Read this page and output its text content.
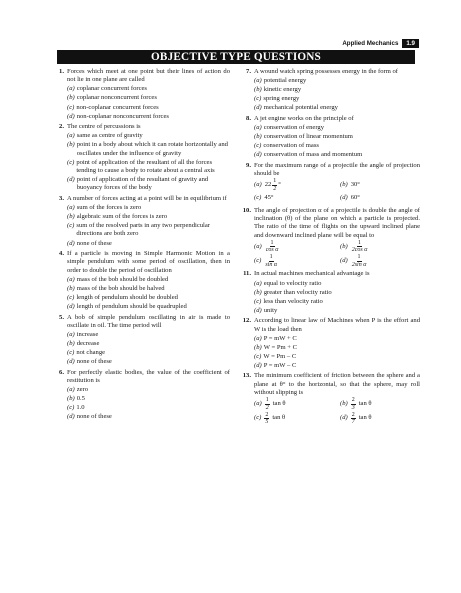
Applied Mechanics	1.9
OBJECTIVE TYPE QUESTIONS
1. Forces which meet at one point but their lines of action do not lie in one plane are called
(a) coplanar concurrent forces
(b) coplanar nonconcurrent forces
(c) non-coplanar concurrent forces
(d) non-coplanar nonconcurrent forces
2. The centre of percussions is
(a) same as centre of gravity
(b) point in a body about which it can rotate horizontally and oscillates under the influence of gravity
(c) point of application of the resultant of all the forces tending to cause a body to rotate about a central axis
(d) point of application of the resultant of gravity and buoyancy forces of the body
3. A number of forces acting at a point will be in equilibrium if
(a) sum of the forces is zero
(b) algebraic sum of the forces is zero
(c) sum of the resolved parts in any two perpendicular directions are both zero
(d) none of these
4. If a particle is moving in Simple Harmonic Motion in a simple pendulum with some period of oscillation, then in order to double the period of oscillation
(a) mass of the bob should be doubled
(b) mass of the bob should be halved
(c) length of pendulum should be doubled
(d) length of pendulum should be quadrupled
5. A bob of simple pendulum oscillating in air is made to oscillate in oil. The time period will
(a) increase
(b) decrease
(c) not change
(d) none of these
6. For perfectly elastic bodies, the value of the coefficient of restitution is
(a) zero
(b) 0.5
(c) 1.0
(d) none of these
7. A wound watch spring possesses energy in the form of
(a) potential energy
(b) kinetic energy
(c) spring energy
(d) mechanical potential energy
8. A jet engine works on the principle of
(a) conservation of energy
(b) conservation of linear momentum
(c) conservation of mass
(d) conservation of mass and momentum
9. For the maximum range of a projectile the angle of projection should be
(a) $22 \frac{1}{2}$ °	(b) 30°
(c) 45°	(d) 60°
10. The angle of projection α of a projectile is double the angle of inclination (θ) of the plane on which a particle is projected. The ratio of the time of flights on the upward inclined plane and downward inclined plane will be equal to
$(a) \frac{1}{\text{cos α}}$	$(b) \frac{1}{\text{2cos α}}$
$(c) \frac{1}{\text{sin α}}$	$(d) \frac{1}{\text{2sin α}}$
11. In actual machines mechanical advantage is
(a) equal to velocity ratio
(b) greater than velocity ratio
(c) less than velocity ratio
(d) unity
12. According to linear law of Machines when P is the effort and W is the load then
(a) P = mW + C
(b) W = Pm + C
(c) W = Pm – C
(d) P = mW – C
13. The minimum coefficient of friction between the sphere and a plane at θ° to the horizontal, so that the sphere, may roll without slipping is
$(a) \frac{1}{2}$ tan θ	$(b) \frac{2}{3}$ tan θ
$(c) \frac{2}{5}$ tan θ	$(d) \frac{2}{7}$ tan θ
